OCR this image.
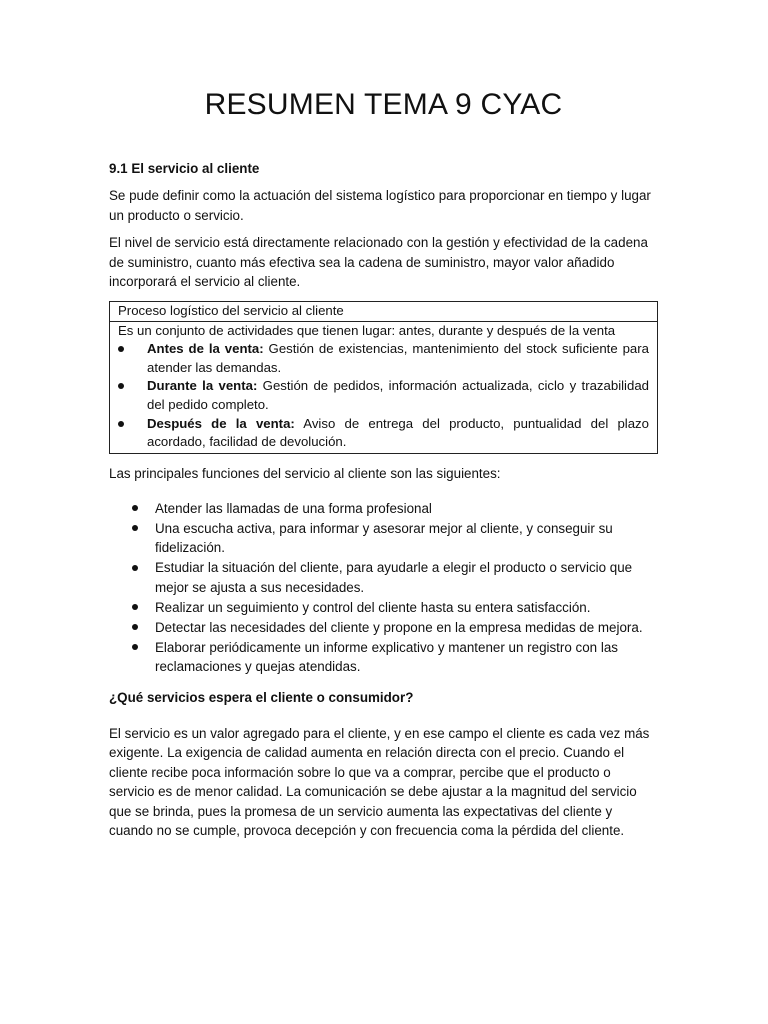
RESUMEN TEMA 9 CYAC
9.1 El servicio al cliente

Se pude definir como la actuación del sistema logístico para proporcionar en tiempo y lugar un producto o servicio.

El nivel de servicio está directamente relacionado con la gestión y efectividad de la cadena de suministro, cuanto más efectiva sea la cadena de suministro, mayor valor añadido incorporará el servicio al cliente.

Proceso logístico del servicio al cliente
Es un conjunto de actividades que tienen lugar: antes, durante y después de la venta
Antes de la venta: Gestión de existencias, mantenimiento del stock suficiente para atender las demandas.
Durante la venta: Gestión de pedidos, información actualizada, ciclo y trazabilidad del pedido completo.
Después de la venta: Aviso de entrega del producto, puntualidad del plazo acordado, facilidad de devolución.
Las principales funciones del servicio al cliente son las siguientes:
Atender las llamadas de una forma profesional
Una escucha activa, para informar y asesorar mejor al cliente, y conseguir su fidelización.
Estudiar la situación del cliente, para ayudarle a elegir el producto o servicio que mejor se ajusta a sus necesidades.
Realizar un seguimiento y control del cliente hasta su entera satisfacción.
Detectar las necesidades del cliente y propone en la empresa medidas de mejora.
Elaborar periódicamente un informe explicativo y mantener un registro con las reclamaciones y quejas atendidas.
¿Qué servicios espera el cliente o consumidor?

El servicio es un valor agregado para el cliente, y en ese campo el cliente es cada vez más exigente. La exigencia de calidad aumenta en relación directa con el precio. Cuando el cliente recibe poca información sobre lo que va a comprar, percibe que el producto o servicio es de menor calidad. La comunicación se debe ajustar a la magnitud del servicio que se brinda, pues la promesa de un servicio aumenta las expectativas del cliente y cuando no se cumple, provoca decepción y con frecuencia coma la pérdida del cliente.
